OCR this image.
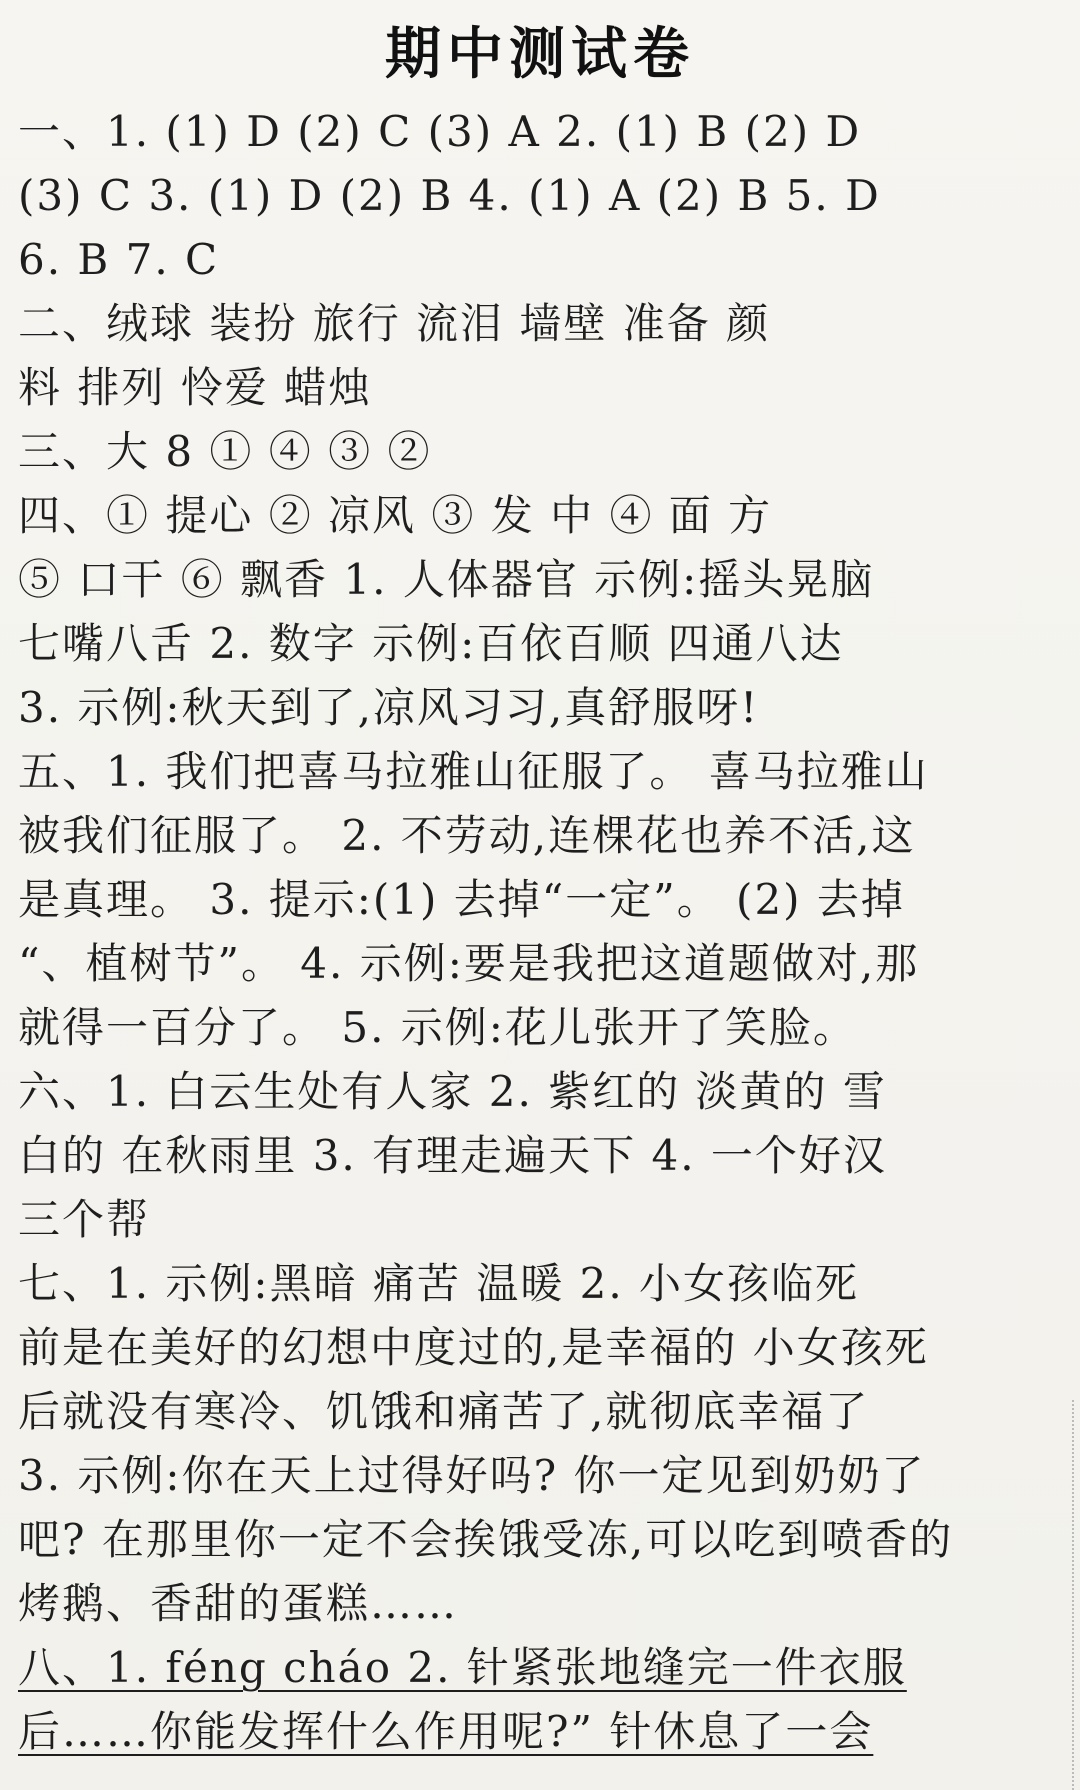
期中测试卷
一、1. (1) D (2) C (3) A 2. (1) B (2) D
(3) C 3. (1) D (2) B 4. (1) A (2) B 5. D
6. B 7. C
二、绒球 装扮 旅行 流泪 墙壁 准备 颜
料 排列 怜爱 蜡烛
三、大 8 ① ④ ③ ②
四、① 提心 ② 凉风 ③ 发 中 ④ 面 方
⑤ 口干 ⑥ 飘香 1. 人体器官 示例:摇头晃脑
七嘴八舌 2. 数字 示例:百依百顺 四通八达
3. 示例:秋天到了,凉风习习,真舒服呀!
五、1. 我们把喜马拉雅山征服了。 喜马拉雅山
被我们征服了。 2. 不劳动,连棵花也养不活,这
是真理。 3. 提示:(1) 去掉“一定”。 (2) 去掉
“、植树节”。 4. 示例:要是我把这道题做对,那
就得一百分了。 5. 示例:花儿张开了笑脸。
六、1. 白云生处有人家 2. 紫红的 淡黄的 雪
白的 在秋雨里 3. 有理走遍天下 4. 一个好汉
三个帮
七、1. 示例:黑暗 痛苦 温暖 2. 小女孩临死
前是在美好的幻想中度过的,是幸福的 小女孩死
后就没有寒冷、饥饿和痛苦了,就彻底幸福了
3. 示例:你在天上过得好吗? 你一定见到奶奶了
吧? 在那里你一定不会挨饿受冻,可以吃到喷香的
烤鹅、香甜的蛋糕……
八、1. féng cháo 2. 针紧张地缝完一件衣服
后……你能发挥什么作用呢?” 针休息了一会
